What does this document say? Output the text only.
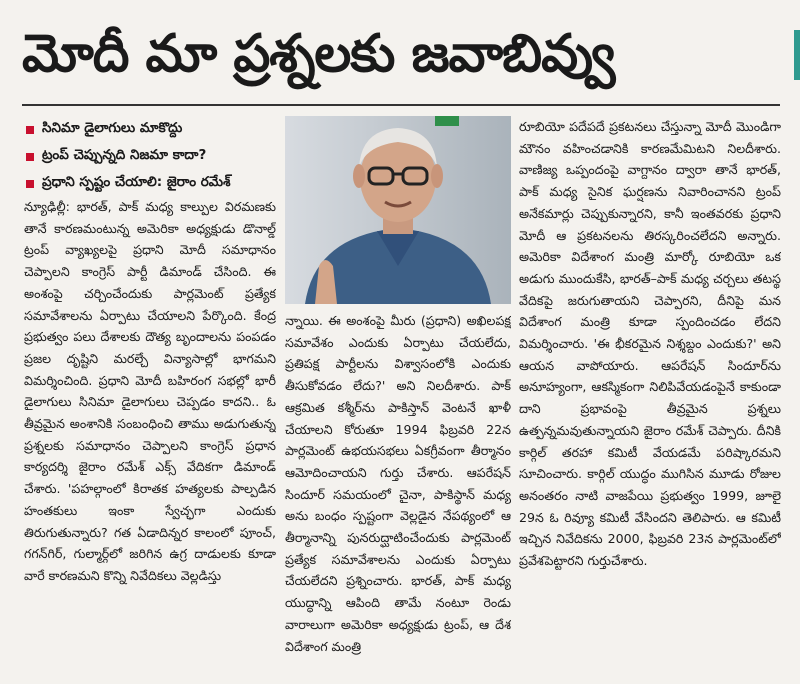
మోదీ మా ప్రశ్నలకు జవాబివ్వు
సినిమా డైలాగులు మాకొద్దు
ట్రంప్ చెప్పున్నది నిజమా కాదా?
ప్రధాని స్పష్టం చేయాలి: జైరాం రమేశ్
న్యూఢిల్లీ: భారత్, పాక్ మధ్య కాల్పుల విరమణకు తానే కారణమంటున్న అమెరికా అధ్యక్షుడు డొనాల్డ్ ట్రంప్ వ్యాఖ్యలపై ప్రధాని మోదీ సమాధానం చెప్పాలని కాంగ్రెస్ పార్టీ డిమాండ్ చేసింది. ఈ అంశంపై చర్చించేందుకు పార్లమెంట్ ప్రత్యేక సమావేశాలను ఏర్పాటు చేయాలని పేర్కొంది. కేంద్ర ప్రభుత్వం పలు దేశాలకు దౌత్య బృందాలను పంపడం ప్రజల దృష్టిని మరల్చే విన్యాసాల్లో భాగమని విమర్శించింది. ప్రధాని మోదీ బహిరంగ సభల్లో భారీ డైలాగులు సినిమా డైలాగులు చెప్పడం కాదని.. ఓ తీవ్రమైన అంశానికి సంబంధించి తాము అడుగుతున్న ప్రశ్నలకు సమాధానం చెప్పాలని కాంగ్రెస్ ప్రధాన కార్యదర్శి జైరాం రమేశ్ ఎక్స్ వేదికగా డిమాండ్ చేశారు. 'పహల్గాంలో కిరాతక హత్యలకు పాల్పడిన హంతకులు ఇంకా స్వేచ్ఛగా ఎందుకు తిరుగుతున్నారు? గత ఏడాదిన్నర కాలంలో పూంచ్, గగన్‌గిర్, గుల్మార్గ్‌లో జరిగిన ఉగ్ర దాడులకు కూడా వారే కారణమని కొన్ని నివేదికలు వెల్లడిస్తు
న్నాయి. ఈ అంశంపై మీరు (ప్రధాని) అఖిలపక్ష సమావేశం ఎందుకు ఏర్పాటు చేయలేదు, ప్రతిపక్ష పార్టీలను విశ్వాసంలోకి ఎందుకు తీసుకోవడం లేదు?' అని నిలదీశారు. పాక్ ఆక్రమిత కశ్మీర్‌ను పాకిస్తాన్ వెంటనే ఖాళీ చేయాలని కోరుతూ 1994 ఫిబ్రవరి 22న పార్లమెంట్ ఉభయసభలు ఏకగ్రీవంగా తీర్మానం ఆమోదించాయని గుర్తు చేశారు. ఆపరేషన్ సిందూర్ సమయంలో చైనా, పాకిస్థాన్ మధ్య అను బంధం స్పష్టంగా వెల్లడైన నేపథ్యంలో ఆ తీర్మానాన్ని పునరుద్ఘాటించేందుకు పార్లమెంట్ ప్రత్యేక సమావేశాలను ఎందుకు ఏర్పాటు చేయలేదని ప్రశ్నించారు. భారత్, పాక్ మధ్య యుద్ధాన్ని ఆపింది తామే నంటూ రెండు వారాలుగా అమెరికా అధ్యక్షుడు ట్రంప్, ఆ దేశ విదేశాంగ మంత్రి
రూబియో పదేపదే ప్రకటనలు చేస్తున్నా మోదీ మొండిగా మౌనం వహించడానికి కారణమేమిటని నిలదీశారు. వాణిజ్య ఒప్పందంపై వాగ్దానం ద్వారా తానే భారత్, పాక్ మధ్య సైనిక ఘర్షణను నివారించానని ట్రంప్ అనేకమార్లు చెప్పుకున్నారని, కానీ ఇంతవరకు ప్రధాని మోదీ ఆ ప్రకటనలను తిరస్కరించలేదని అన్నారు. అమెరికా విదేశాంగ మంత్రి మార్కో రూబియో ఒక అడుగు ముందుకేసి, భారత్–పాక్ మధ్య చర్చలు తటస్థ వేదికపై జరుగుతాయని చెప్పారని, దీనిపై మన విదేశాంగ మంత్రి కూడా స్పందించడం లేదని విమర్శించారు. 'ఈ భీకరమైన నిశ్శబ్దం ఎందుకు?' అని ఆయన వాపోయారు. ఆపరేషన్ సిందూర్‌ను అనూహ్యంగా, ఆకస్మికంగా నిలిపివేయడంపైనే కాకుండా దాని ప్రభావంపై తీవ్రమైన ప్రశ్నలు ఉత్పన్నమవుతున్నాయని జైరాం రమేశ్ చెప్పారు. దీనికి కార్గిల్ తరహా కమిటీ వేయడమే పరిష్కారమని సూచించారు. కార్గిల్ యుద్ధం ముగిసిన మూడు రోజుల అనంతరం నాటి వాజపేయి ప్రభుత్వం 1999, జూలై 29న ఓ రివ్యూ కమిటీ వేసిందని తెలిపారు. ఆ కమిటీ ఇచ్చిన నివేదికను 2000, ఫిబ్రవరి 23న పార్లమెంట్‌లో ప్రవేశపెట్టారని గుర్తుచేశారు.
